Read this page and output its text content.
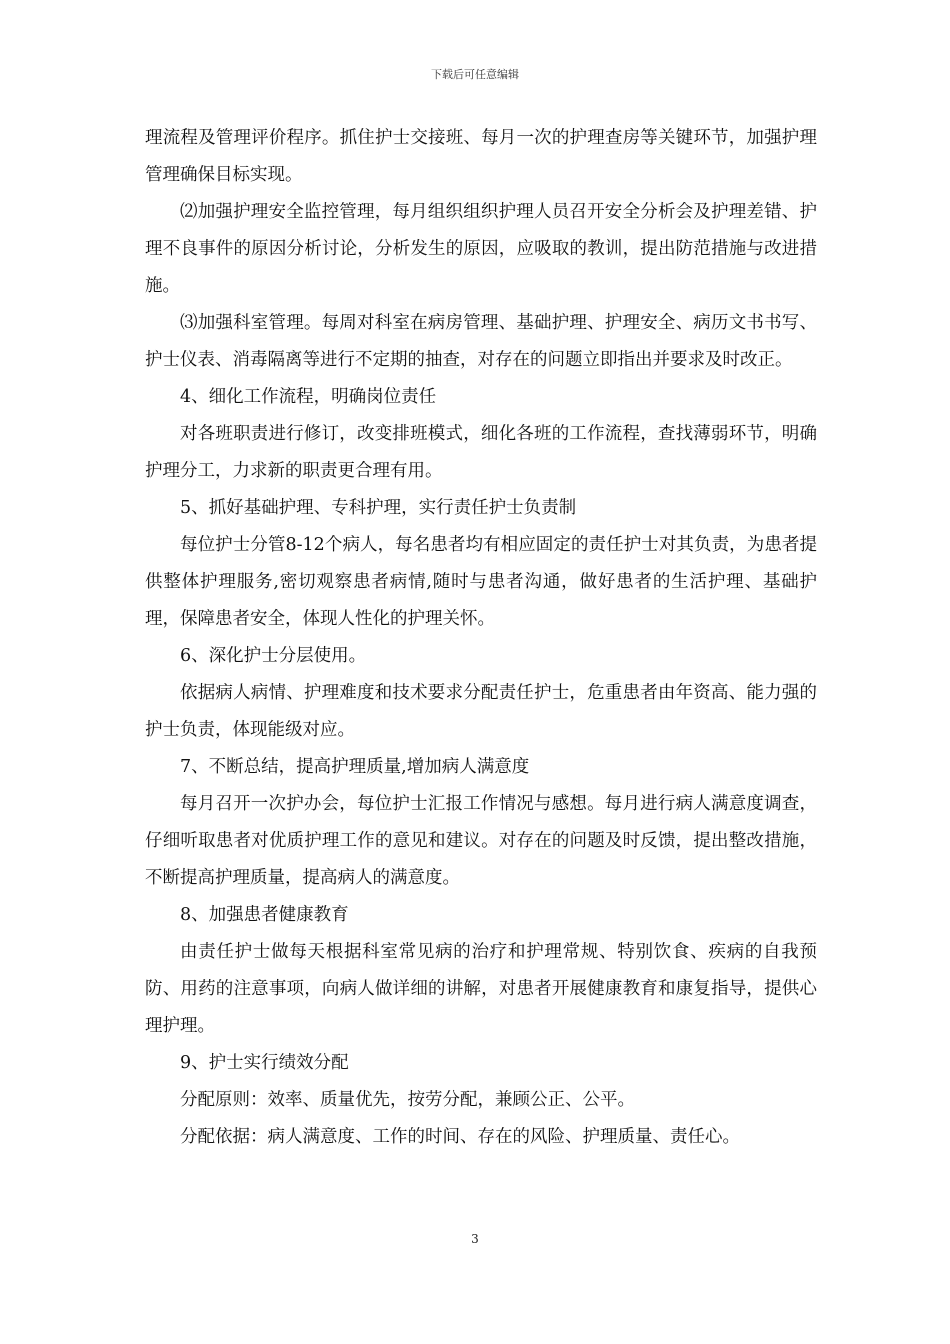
下载后可任意编辑

理流程及管理评价程序。抓住护士交接班、每月一次的护理查房等关键环节，加强护理管理确保目标实现。

⑵加强护理安全监控管理，每月组织组织护理人员召开安全分析会及护理差错、护理不良事件的原因分析讨论，分析发生的原因，应吸取的教训，提出防范措施与改进措施。

⑶加强科室管理。每周对科室在病房管理、基础护理、护理安全、病历文书书写、护士仪表、消毒隔离等进行不定期的抽查，对存在的问题立即指出并要求及时改正。

4、细化工作流程，明确岗位责任

对各班职责进行修订，改变排班模式，细化各班的工作流程，查找薄弱环节，明确护理分工，力求新的职责更合理有用。

5、抓好基础护理、专科护理，实行责任护士负责制

每位护士分管8-12个病人，每名患者均有相应固定的责任护士对其负责，为患者提供整体护理服务,密切观察患者病情,随时与患者沟通，做好患者的生活护理、基础护理，保障患者安全，体现人性化的护理关怀。

6、深化护士分层使用。

依据病人病情、护理难度和技术要求分配责任护士，危重患者由年资高、能力强的护士负责，体现能级对应。

7、不断总结，提高护理质量,增加病人满意度

每月召开一次护办会，每位护士汇报工作情况与感想。每月进行病人满意度调查，仔细听取患者对优质护理工作的意见和建议。对存在的问题及时反馈，提出整改措施，不断提高护理质量，提高病人的满意度。

8、加强患者健康教育

由责任护士做每天根据科室常见病的治疗和护理常规、特别饮食、疾病的自我预防、用药的注意事项，向病人做详细的讲解，对患者开展健康教育和康复指导，提供心理护理。

9、护士实行绩效分配

分配原则：效率、质量优先，按劳分配，兼顾公正、公平。

分配依据：病人满意度、工作的时间、存在的风险、护理质量、责任心。

3
